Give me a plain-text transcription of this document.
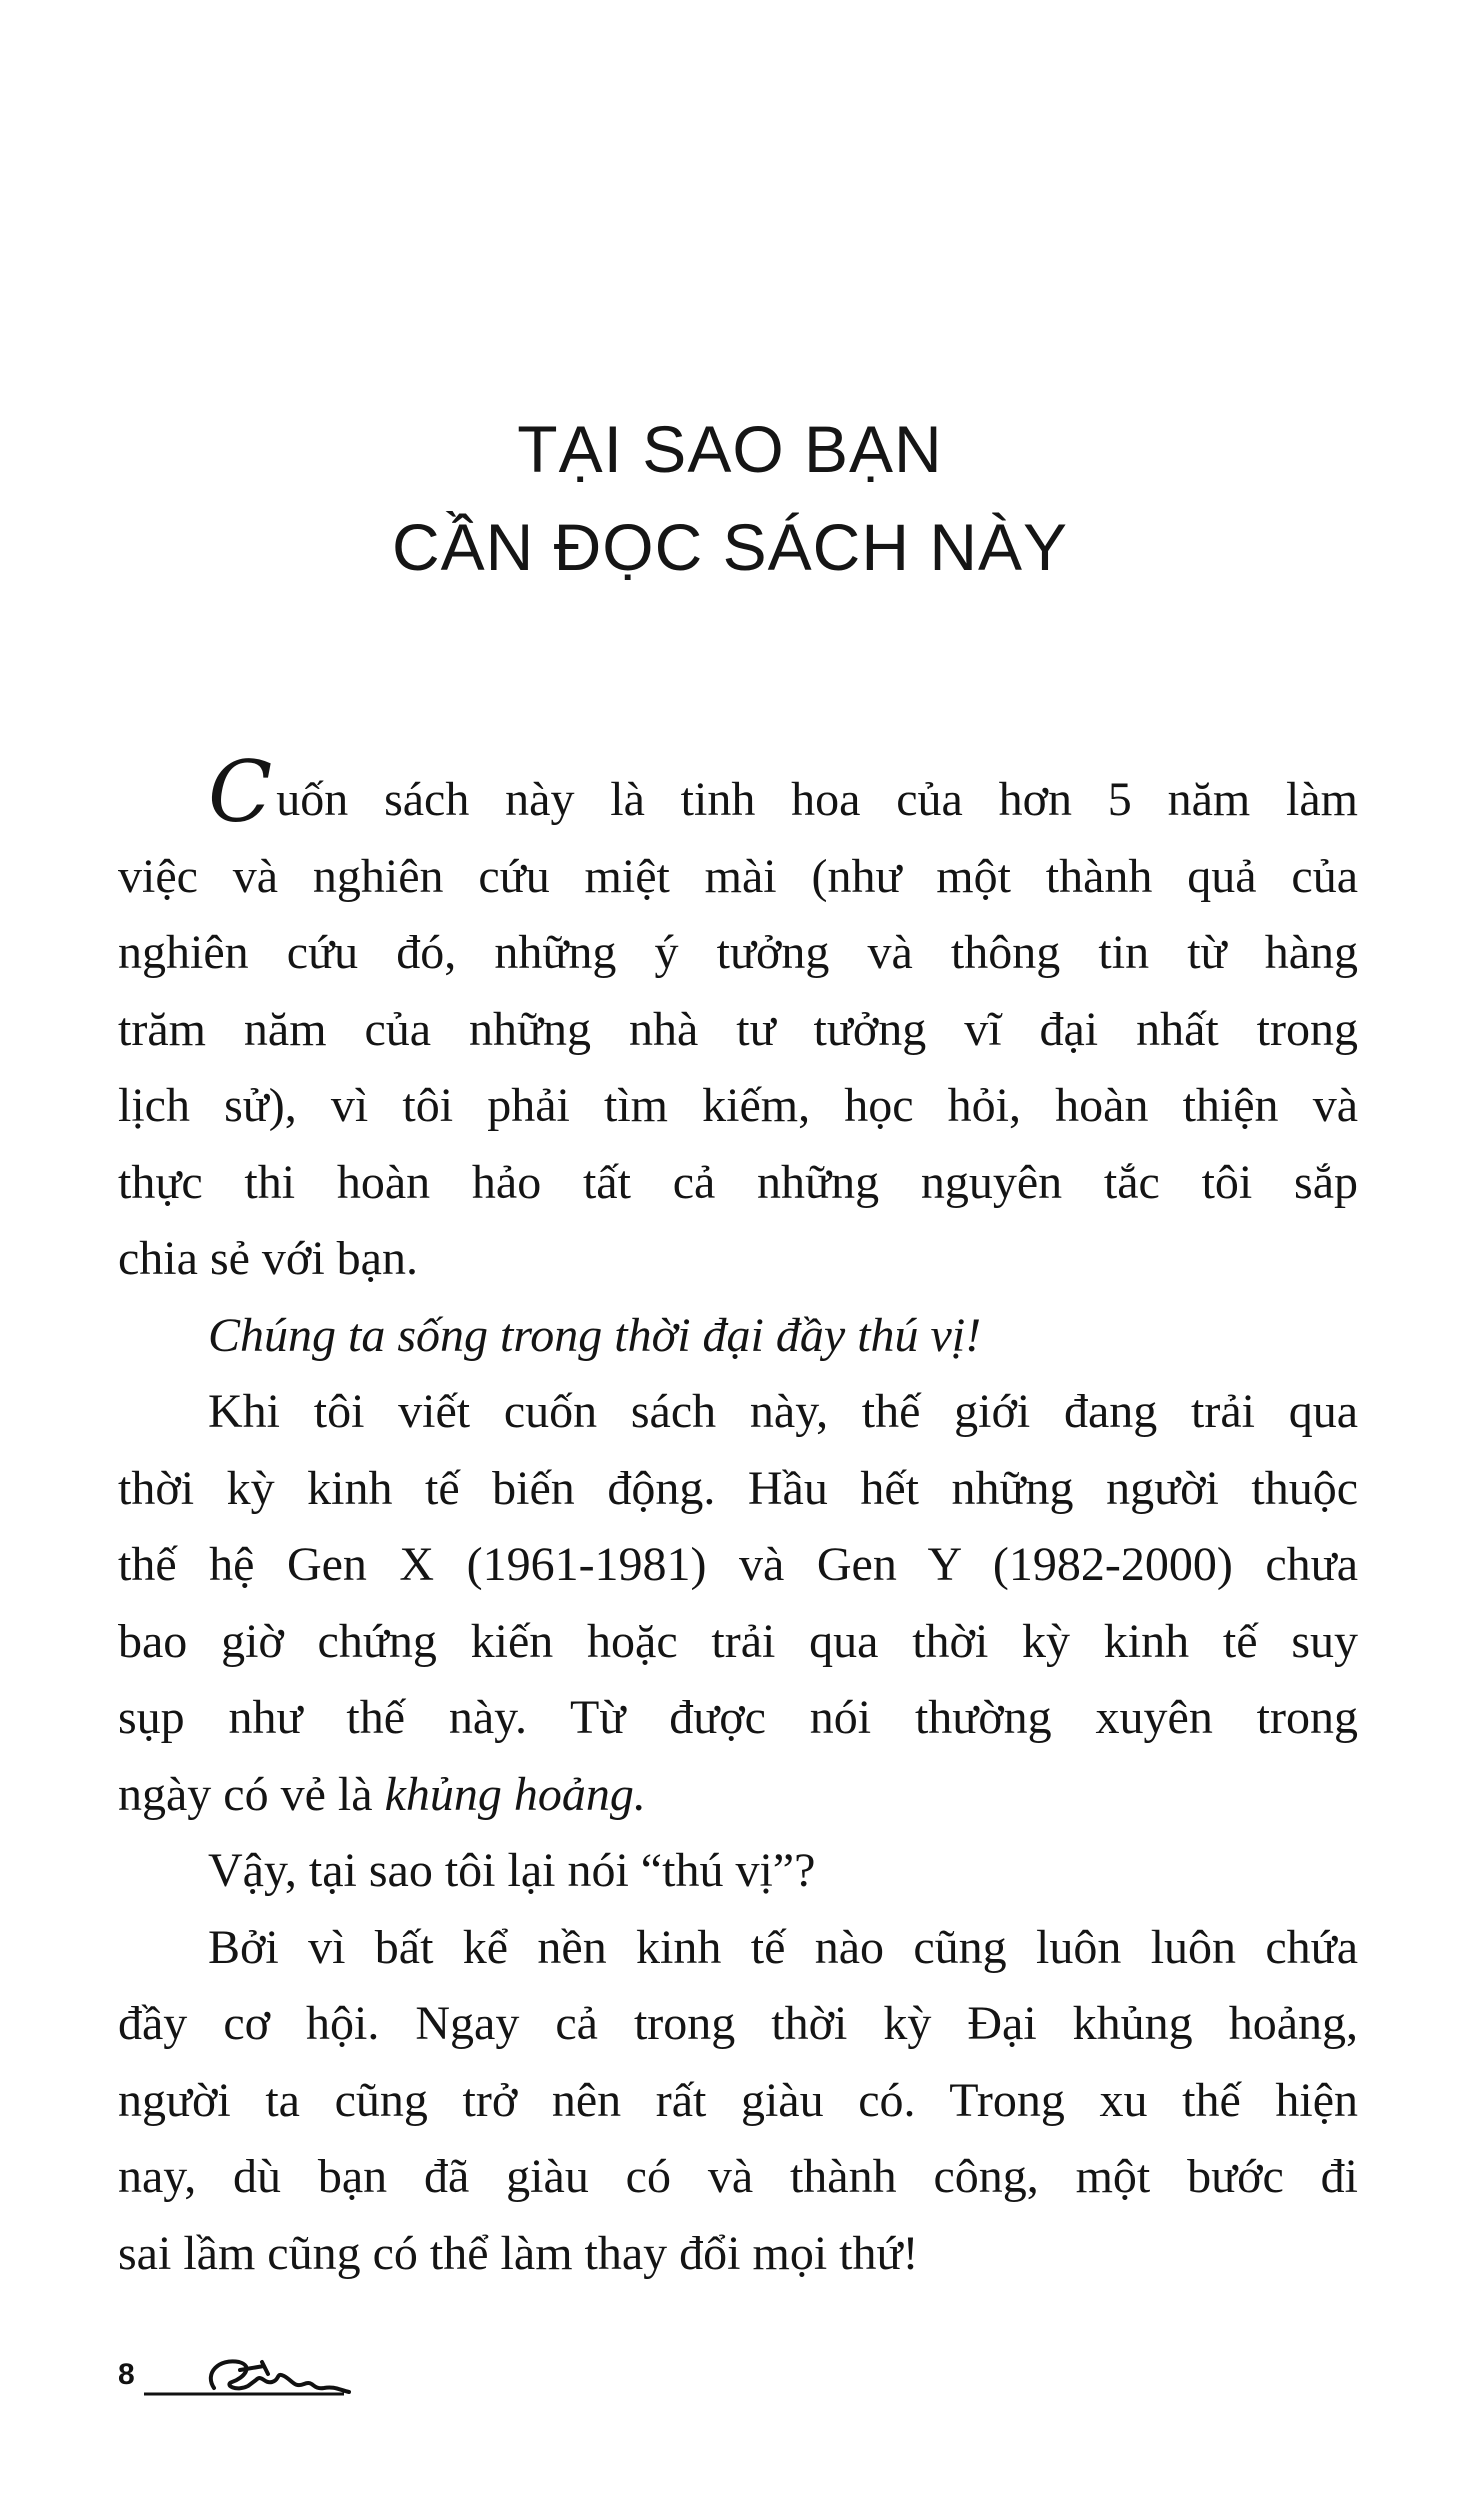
TẠI SAO BẠN
CẦN ĐỌC SÁCH NÀY
Cuốn sách này là tinh hoa của hơn 5 năm làm
việc và nghiên cứu miệt mài (như một thành quả của
nghiên cứu đó, những ý tưởng và thông tin từ hàng
trăm năm của những nhà tư tưởng vĩ đại nhất trong
lịch sử), vì tôi phải tìm kiếm, học hỏi, hoàn thiện và
thực thi hoàn hảo tất cả những nguyên tắc tôi sắp
chia sẻ với bạn.
Chúng ta sống trong thời đại đầy thú vị!
Khi tôi viết cuốn sách này, thế giới đang trải qua
thời kỳ kinh tế biến động. Hầu hết những người thuộc
thế hệ Gen X (1961-1981) và Gen Y (1982-2000) chưa
bao giờ chứng kiến hoặc trải qua thời kỳ kinh tế suy
sụp như thế này. Từ được nói thường xuyên trong
ngày có vẻ là khủng hoảng.
Vậy, tại sao tôi lại nói “thú vị”?
Bởi vì bất kể nền kinh tế nào cũng luôn luôn chứa
đầy cơ hội. Ngay cả trong thời kỳ Đại khủng hoảng,
người ta cũng trở nên rất giàu có. Trong xu thế hiện
nay, dù bạn đã giàu có và thành công, một bước đi
sai lầm cũng có thể làm thay đổi mọi thứ!
8
